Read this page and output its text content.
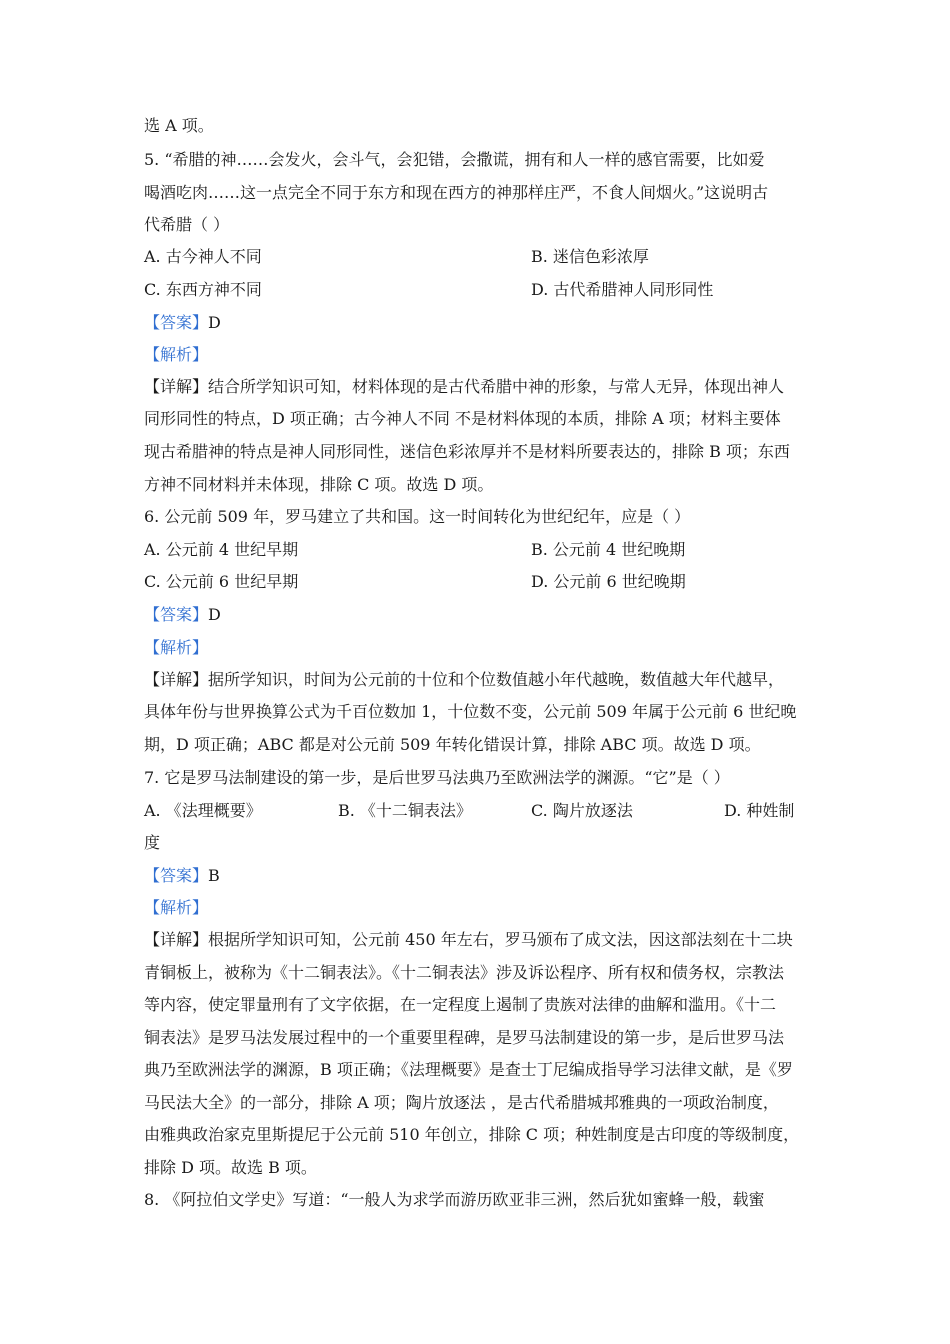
选 A 项。
5. “希腊的神……会发火，会斗气，会犯错，会撒谎，拥有和人一样的感官需要，比如爱
喝酒吃肉……这一点完全不同于东方和现在西方的神那样庄严，不食人间烟火。”这说明古
代希腊（ ）
A. 古今神人不同	B. 迷信色彩浓厚
C. 东西方神不同	D. 古代希腊神人同形同性
【答案】D
【解析】
【详解】结合所学知识可知，材料体现的是古代希腊中神的形象，与常人无异，体现出神人
同形同性的特点，D 项正确；古今神人不同 不是材料体现的本质，排除 A 项；材料主要体
现古希腊神的特点是神人同形同性，迷信色彩浓厚并不是材料所要表达的，排除 B 项；东西
方神不同材料并未体现，排除 C 项。故选 D 项。
6. 公元前 509 年，罗马建立了共和国。这一时间转化为世纪纪年，应是（ ）
A. 公元前 4 世纪早期	B. 公元前 4 世纪晚期
C. 公元前 6 世纪早期	D. 公元前 6 世纪晚期
【答案】D
【解析】
【详解】据所学知识，时间为公元前的十位和个位数值越小年代越晚，数值越大年代越早，
具体年份与世界换算公式为千百位数加 1，十位数不变，公元前 509 年属于公元前 6 世纪晚
期，D 项正确；ABC 都是对公元前 509 年转化错误计算，排除 ABC 项。故选 D 项。
7. 它是罗马法制建设的第一步，是后世罗马法典乃至欧洲法学的渊源。“它”是（ ）
A. 《法理概要》	B. 《十二铜表法》	C. 陶片放逐法	D. 种姓制
度
【答案】B
【解析】
【详解】根据所学知识可知，公元前 450 年左右，罗马颁布了成文法，因这部法刻在十二块
青铜板上，被称为《十二铜表法》。《十二铜表法》涉及诉讼程序、所有权和债务权，宗教法
等内容，使定罪量刑有了文字依据，在一定程度上遏制了贵族对法律的曲解和滥用。《十二
铜表法》是罗马法发展过程中的一个重要里程碑，是罗马法制建设的第一步，是后世罗马法
典乃至欧洲法学的渊源，B 项正确；《法理概要》是查士丁尼编成指导学习法律文献，是《罗
马民法大全》的一部分，排除 A 项；陶片放逐法 ，是古代希腊城邦雅典的一项政治制度，
由雅典政治家克里斯提尼于公元前 510 年创立，排除 C 项；种姓制度是古印度的等级制度，
排除 D 项。故选 B 项。
8. 《阿拉伯文学史》写道：“一般人为求学而游历欧亚非三洲，然后犹如蜜蜂一般，载蜜
